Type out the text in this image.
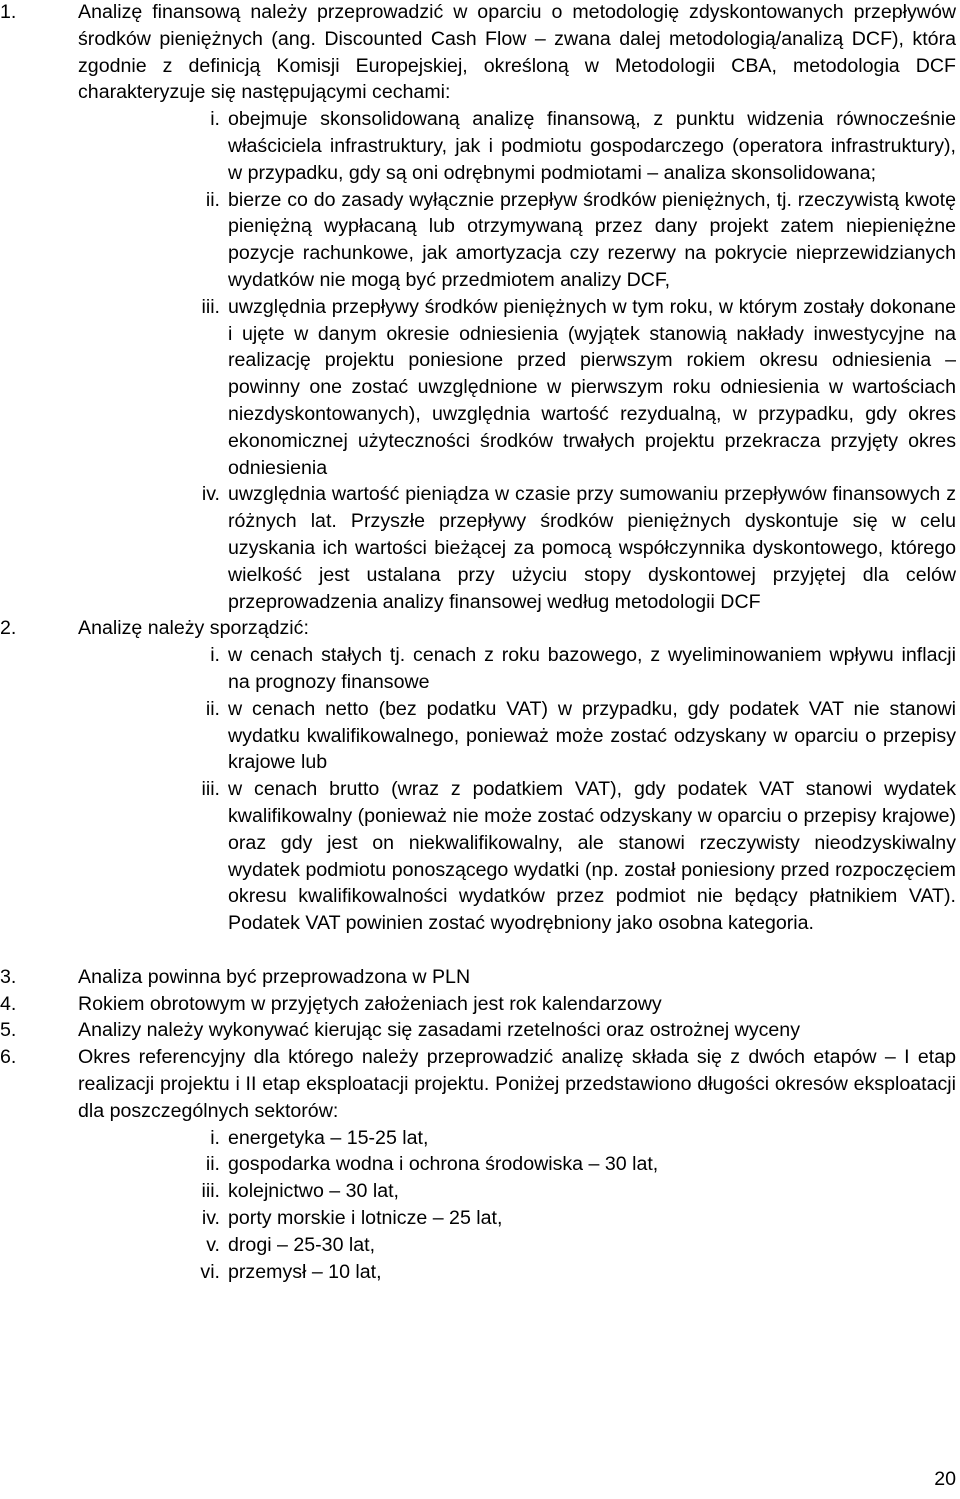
1.	Analizę finansową należy przeprowadzić w oparciu o metodologię zdyskontowanych przepływów środków pieniężnych (ang. Discounted Cash Flow – zwana dalej metodologią/analizą DCF), która zgodnie z definicją Komisji Europejskiej, określoną w Metodologii CBA, metodologia DCF charakteryzuje się następującymi cechami:
i. obejmuje skonsolidowaną analizę finansową, z punktu widzenia równocześnie właściciela infrastruktury, jak i podmiotu gospodarczego (operatora infrastruktury), w przypadku, gdy są oni odrębnymi podmiotami – analiza skonsolidowana;
ii. bierze co do zasady wyłącznie przepływ środków pieniężnych, tj. rzeczywistą kwotę pieniężną wypłacaną lub otrzymywaną przez dany projekt zatem niepieniężne pozycje rachunkowe, jak amortyzacja czy rezerwy na pokrycie nieprzewidzianych wydatków nie mogą być przedmiotem analizy DCF,
iii. uwzględnia przepływy środków pieniężnych w tym roku, w którym zostały dokonane i ujęte w danym okresie odniesienia (wyjątek stanowią nakłady inwestycyjne na realizację projektu poniesione przed pierwszym rokiem okresu odniesienia – powinny one zostać uwzględnione w pierwszym roku odniesienia w wartościach niezdyskontowanych), uwzględnia wartość rezydualną, w przypadku, gdy okres ekonomicznej użyteczności środków trwałych projektu przekracza przyjęty okres odniesienia
iv. uwzględnia wartość pieniądza w czasie przy sumowaniu przepływów finansowych z różnych lat. Przyszłe przepływy środków pieniężnych dyskontuje się w celu uzyskania ich wartości bieżącej za pomocą współczynnika dyskontowego, którego wielkość jest ustalana przy użyciu stopy dyskontowej przyjętej dla celów przeprowadzenia analizy finansowej według metodologii DCF
2.	Analizę należy sporządzić:
i. w cenach stałych tj. cenach z roku bazowego, z wyeliminowaniem wpływu inflacji na prognozy finansowe
ii. w cenach netto (bez podatku VAT) w przypadku, gdy podatek VAT nie stanowi wydatku kwalifikowalnego, ponieważ może zostać odzyskany w oparciu o przepisy krajowe lub
iii. w cenach brutto (wraz z podatkiem VAT), gdy podatek VAT stanowi wydatek kwalifikowalny (ponieważ nie może zostać odzyskany w oparciu o przepisy krajowe) oraz gdy jest on niekwalifikowalny, ale stanowi rzeczywisty nieodzyskiwalny wydatek podmiotu ponoszącego wydatki (np. został poniesiony przed rozpoczęciem okresu kwalifikowalności wydatków przez podmiot nie będący płatnikiem VAT). Podatek VAT powinien zostać wyodrębniony jako osobna kategoria.
3.	Analiza powinna być przeprowadzona w PLN
4.	Rokiem obrotowym w przyjętych założeniach jest rok kalendarzowy
5.	Analizy należy wykonywać kierując się zasadami rzetelności oraz ostrożnej wyceny
6.	Okres referencyjny dla którego należy przeprowadzić analizę składa się z dwóch etapów – I etap realizacji projektu i II etap eksploatacji projektu. Poniżej przedstawiono długości okresów eksploatacji dla poszczególnych sektorów:
i. energetyka – 15-25 lat,
ii. gospodarka wodna i ochrona środowiska – 30 lat,
iii. kolejnictwo – 30 lat,
iv. porty morskie i lotnicze – 25 lat,
v. drogi – 25-30 lat,
vi. przemysł – 10 lat,
20
